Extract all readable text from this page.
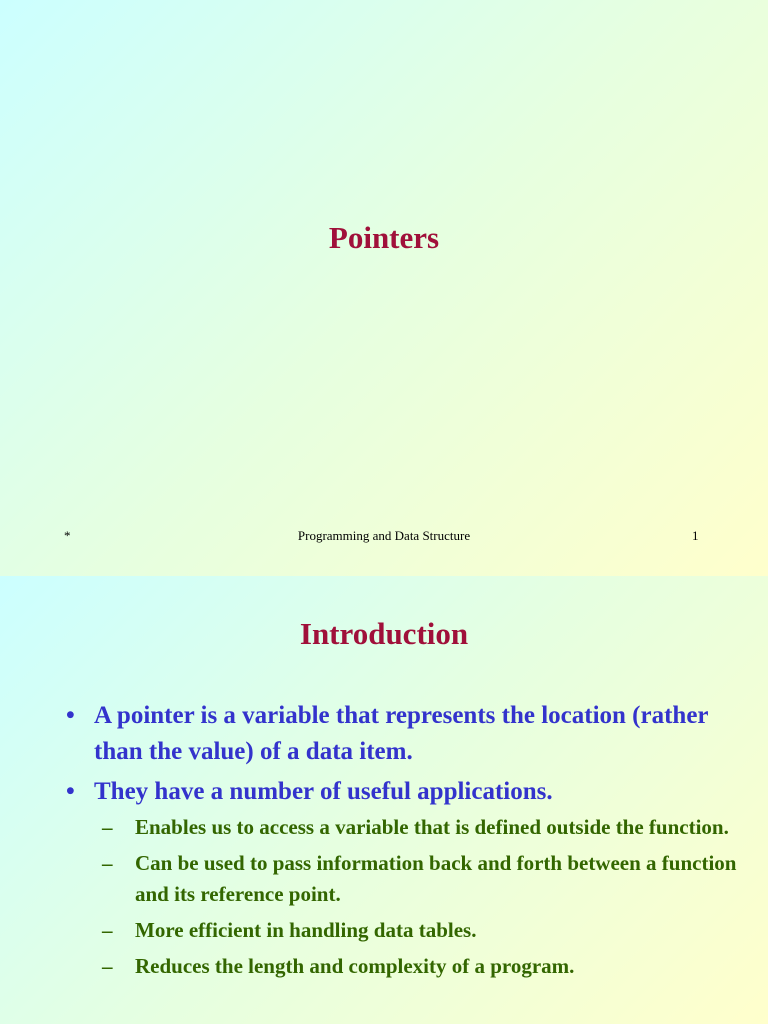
Pointers
*	Programming and Data Structure	1
Introduction
• A pointer is a variable that represents the location (rather than the value) of a data item.
• They have a number of useful applications.
– Enables us to access a variable that is defined outside the function.
– Can be used to pass information back and forth between a function and its reference point.
– More efficient in handling data tables.
– Reduces the length and complexity of a program.
